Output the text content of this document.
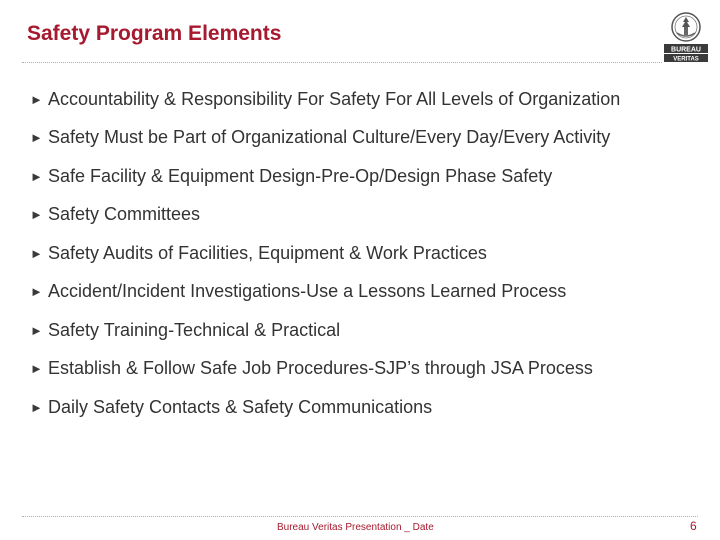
Safety Program Elements
BUREAU
VERITAS
► Accountability & Responsibility For Safety For All Levels of Organization
► Safety Must be Part of Organizational Culture/Every Day/Every Activity
► Safe Facility & Equipment Design-Pre-Op/Design Phase Safety
► Safety Committees
► Safety Audits of Facilities, Equipment & Work Practices
► Accident/Incident Investigations-Use a Lessons Learned Process
► Safety Training-Technical & Practical
► Establish & Follow Safe Job Procedures-SJP’s through JSA Process
► Daily Safety Contacts & Safety Communications
Bureau Veritas Presentation _ Date	6
